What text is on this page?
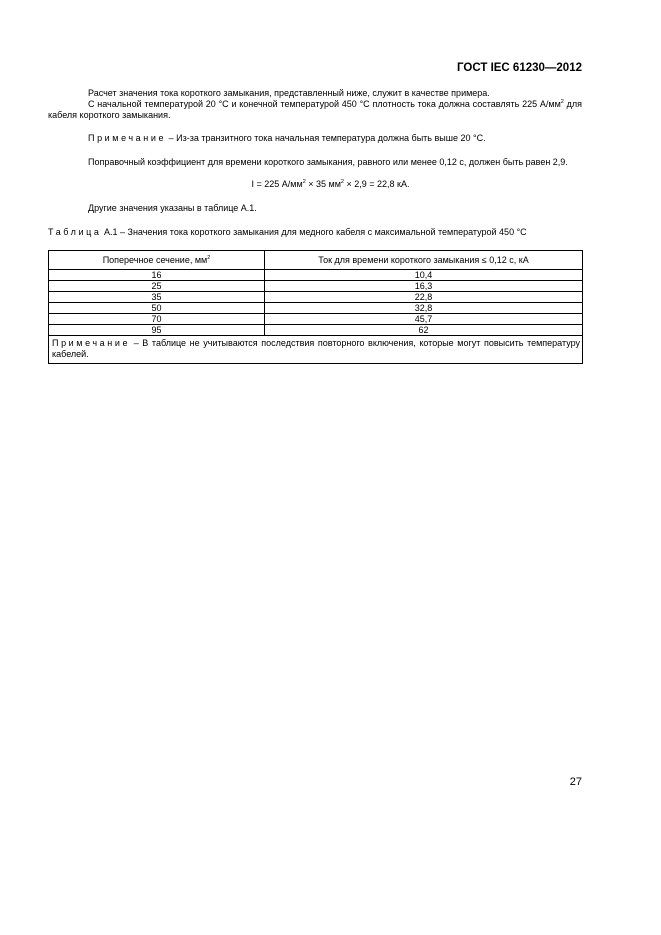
ГОСТ IEC 61230—2012
Расчет значения тока короткого замыкания, представленный ниже, служит в качестве примера.
С начальной температурой 20 °С и конечной температурой 450 °С плотность тока должна составлять 225 $А/мм^2$ для кабеля короткого замыкания.
Примечание – Из-за транзитного тока начальная температура должна быть выше 20 °С.
Поправочный коэффициент для времени короткого замыкания, равного или менее 0,12 с, должен быть равен 2,9.
I = 225 $А/мм^2 \times 35$ $мм^2 \times 2,9 = 22,8$ кА.
Другие значения указаны в таблице А.1.
Таблица А.1 – Значения тока короткого замыкания для медного кабеля с максимальной температурой 450 °С
Поперечное сечение, $мм^2$	Ток для времени короткого замыкания ≤ 0,12 с, кА
16	10,4
25	16,3
35	22,8
50	32,8
70	45,7
95	62
Примечание – В таблице не учитываются последствия повторного включения, которые могут повысить температуру кабелей.	
27
